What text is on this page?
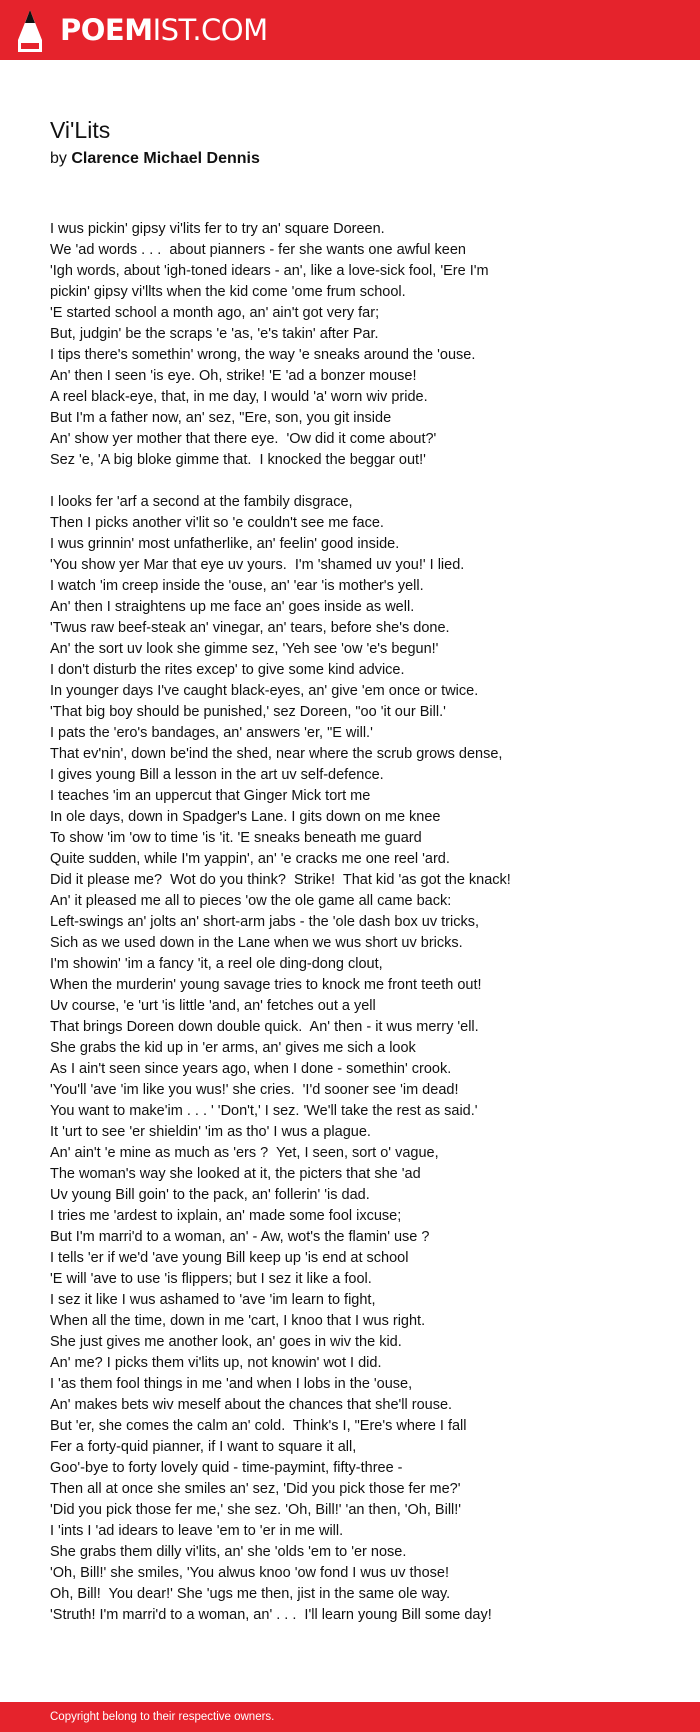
POEMIST.COM
Vi'Lits
by Clarence Michael Dennis
I wus pickin' gipsy vi'lits fer to try an' square Doreen.
We 'ad words . . .  about pianners - fer she wants one awful keen
'Igh words, about 'igh-toned idears - an', like a love-sick fool, 'Ere I'm
pickin' gipsy vi'llts when the kid come 'ome frum school.
'E started school a month ago, an' ain't got very far;
But, judgin' be the scraps 'e 'as, 'e's takin' after Par.
I tips there's somethin' wrong, the way 'e sneaks around the 'ouse.
An' then I seen 'is eye. Oh, strike! 'E 'ad a bonzer mouse!
A reel black-eye, that, in me day, I would 'a' worn wiv pride.
But I'm a father now, an' sez, "Ere, son, you git inside
An' show yer mother that there eye.  'Ow did it come about?'
Sez 'e, 'A big bloke gimme that.  I knocked the beggar out!'
I looks fer 'arf a second at the fambily disgrace,
Then I picks another vi'lit so 'e couldn't see me face.
I wus grinnin' most unfatherlike, an' feelin' good inside.
'You show yer Mar that eye uv yours.  I'm 'shamed uv you!' I lied.
I watch 'im creep inside the 'ouse, an' 'ear 'is mother's yell.
An' then I straightens up me face an' goes inside as well.
'Twus raw beef-steak an' vinegar, an' tears, before she's done.
An' the sort uv look she gimme sez, 'Yeh see 'ow 'e's begun!'
I don't disturb the rites excep' to give some kind advice.
In younger days I've caught black-eyes, an' give 'em once or twice.
'That big boy should be punished,' sez Doreen, "oo 'it our Bill.'
I pats the 'ero's bandages, an' answers 'er, "E will.'
That ev'nin', down be'ind the shed, near where the scrub grows dense,
I gives young Bill a lesson in the art uv self-defence.
I teaches 'im an uppercut that Ginger Mick tort me
In ole days, down in Spadger's Lane. I gits down on me knee
To show 'im 'ow to time 'is 'it. 'E sneaks beneath me guard
Quite sudden, while I'm yappin', an' 'e cracks me one reel 'ard.
Did it please me?  Wot do you think?  Strike!  That kid 'as got the knack!
An' it pleased me all to pieces 'ow the ole game all came back:
Left-swings an' jolts an' short-arm jabs - the 'ole dash box uv tricks,
Sich as we used down in the Lane when we wus short uv bricks.
I'm showin' 'im a fancy 'it, a reel ole ding-dong clout,
When the murderin' young savage tries to knock me front teeth out!
Uv course, 'e 'urt 'is little 'and, an' fetches out a yell
That brings Doreen down double quick.  An' then - it wus merry 'ell.
She grabs the kid up in 'er arms, an' gives me sich a look
As I ain't seen since years ago, when I done - somethin' crook.
'You'll 'ave 'im like you wus!' she cries.  'I'd sooner see 'im dead!
You want to make'im . . . ' 'Don't,' I sez. 'We'll take the rest as said.'
It 'urt to see 'er shieldin' 'im as tho' I wus a plague.
An' ain't 'e mine as much as 'ers ?  Yet, I seen, sort o' vague,
The woman's way she looked at it, the picters that she 'ad
Uv young Bill goin' to the pack, an' follerin' 'is dad.
I tries me 'ardest to ixplain, an' made some fool ixcuse;
But I'm marri'd to a woman, an' - Aw, wot's the flamin' use ?
I tells 'er if we'd 'ave young Bill keep up 'is end at school
'E will 'ave to use 'is flippers; but I sez it like a fool.
I sez it like I wus ashamed to 'ave 'im learn to fight,
When all the time, down in me 'cart, I knoo that I wus right.
She just gives me another look, an' goes in wiv the kid.
An' me? I picks them vi'lits up, not knowin' wot I did.
I 'as them fool things in me 'and when I lobs in the 'ouse,
An' makes bets wiv meself about the chances that she'll rouse.
But 'er, she comes the calm an' cold.  Think's I, "Ere's where I fall
Fer a forty-quid pianner, if I want to square it all,
Goo'-bye to forty lovely quid - time-paymint, fifty-three -
Then all at once she smiles an' sez, 'Did you pick those fer me?'
'Did you pick those fer me,' she sez. 'Oh, Bill!' 'an then, 'Oh, Bill!'
I 'ints I 'ad idears to leave 'em to 'er in me will.
She grabs them dilly vi'lits, an' she 'olds 'em to 'er nose.
'Oh, Bill!' she smiles, 'You alwus knoo 'ow fond I wus uv those!
Oh, Bill!  You dear!' She 'ugs me then, jist in the same ole way.
'Struth! I'm marri'd to a woman, an' . . .  I'll learn young Bill some day!
Copyright belong to their respective owners.
